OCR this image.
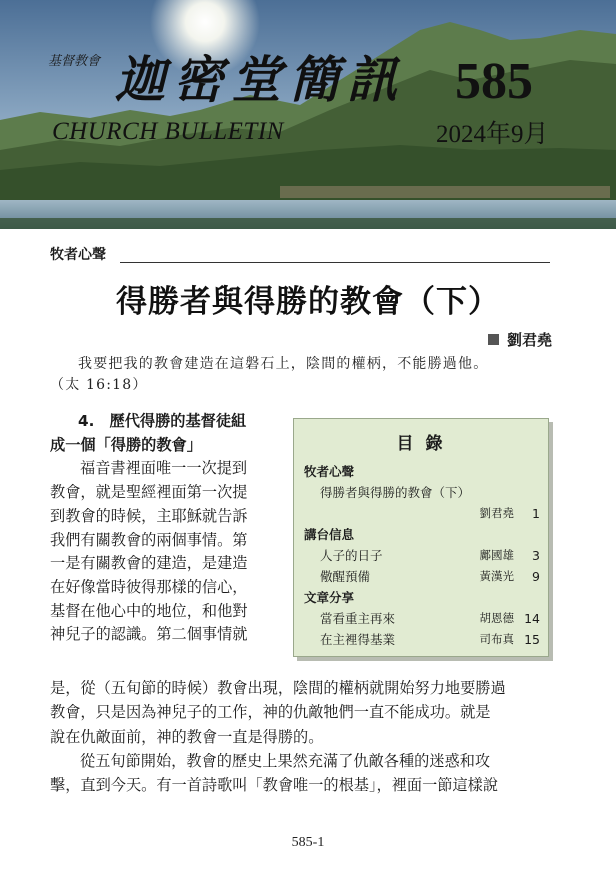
基督教會 迦密堂簡訊 585
CHURCH BULLETIN	2024年9月
牧者心聲
得勝者與得勝的教會（下）
劉君堯
我要把我的教會建造在這磐石上，陰間的權柄，不能勝過他。
（太 16:18）
4.　歷代得勝的基督徒組
成一個「得勝的教會」
福音書裡面唯一一次提到
教會，就是聖經裡面第一次提
到教會的時候，主耶穌就告訴
我們有關教會的兩個事情。第
一是有關教會的建造，是建造
在好像當時彼得那樣的信心，
基督在他心中的地位，和他對
神兒子的認識。第二個事情就
目 錄
牧者心聲
得勝者與得勝的教會（下）
劉君堯 1
講台信息
人子的日子	鄺國雄 3
儆醒預備	黃漢光 9
文章分享
當看重主再來	胡恩德 14
在主裡得基業	司布真 15
是，從（五旬節的時候）教會出現，陰間的權柄就開始努力地要勝過
教會，只是因為神兒子的工作，神的仇敵牠們一直不能成功。就是
說在仇敵面前，神的教會一直是得勝的。
從五旬節開始，教會的歷史上果然充滿了仇敵各種的迷惑和攻
擊，直到今天。有一首詩歌叫「教會唯一的根基」，裡面一節這樣說
585-1
